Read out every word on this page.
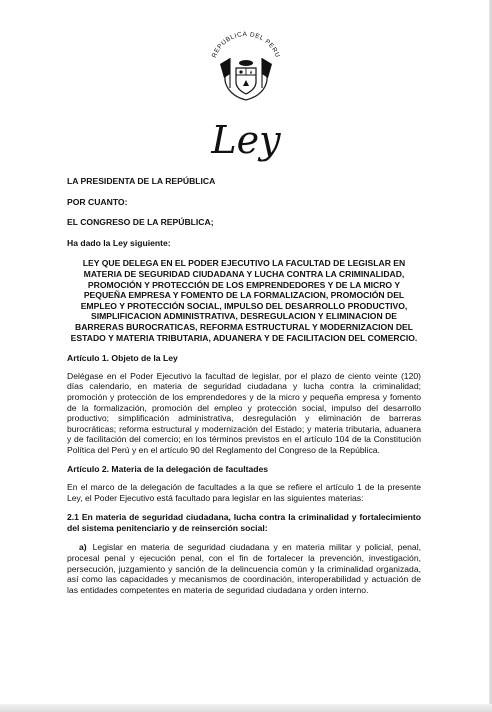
REPUBLICA DEL PERU
Ley

LA PRESIDENTA DE LA REPÚBLICA

POR CUANTO:

EL CONGRESO DE LA REPÚBLICA;

Ha dado la Ley siguiente:

LEY QUE DELEGA EN EL PODER EJECUTIVO LA FACULTAD DE LEGISLAR EN MATERIA DE SEGURIDAD CIUDADANA Y LUCHA CONTRA LA CRIMINALIDAD, PROMOCIÓN Y PROTECCIÓN DE LOS EMPRENDEDORES Y DE LA MICRO Y PEQUEÑA EMPRESA Y FOMENTO DE LA FORMALIZACION, PROMOCIÓN DEL EMPLEO Y PROTECCIÓN SOCIAL, IMPULSO DEL DESARROLLO PRODUCTIVO, SIMPLIFICACION ADMINISTRATIVA, DESREGULACION Y ELIMINACION DE BARRERAS BUROCRATICAS, REFORMA ESTRUCTURAL Y MODERNIZACION DEL ESTADO Y MATERIA TRIBUTARIA, ADUANERA Y DE FACILITACION DEL COMERCIO.

Artículo 1. Objeto de la Ley

Delégase en el Poder Ejecutivo la facultad de legislar, por el plazo de ciento veinte (120) días calendario, en materia de seguridad ciudadana y lucha contra la criminalidad; promoción y protección de los emprendedores y de la micro y pequeña empresa y fomento de la formalización, promoción del empleo y protección social, impulso del desarrollo productivo; simplificación administrativa, desregulación y eliminación de barreras burocráticas; reforma estructural y modernización del Estado; y materia tributaria, aduanera y de facilitación del comercio; en los términos previstos en el artículo 104 de la Constitución Política del Perú y en el artículo 90 del Reglamento del Congreso de la República.

Artículo 2. Materia de la delegación de facultades

En el marco de la delegación de facultades a la que se refiere el artículo 1 de la presente Ley, el Poder Ejecutivo está facultado para legislar en las siguientes materias:

2.1 En materia de seguridad ciudadana, lucha contra la criminalidad y fortalecimiento del sistema penitenciario y de reinserción social:

a) Legislar en materia de seguridad ciudadana y en materia militar y policial, penal, procesal penal y ejecución penal, con el fin de fortalecer la prevención, investigación, persecución, juzgamiento y sanción de la delincuencia común y la criminalidad organizada, así como las capacidades y mecanismos de coordinación, interoperabilidad y actuación de las entidades competentes en materia de seguridad ciudadana y orden interno.
